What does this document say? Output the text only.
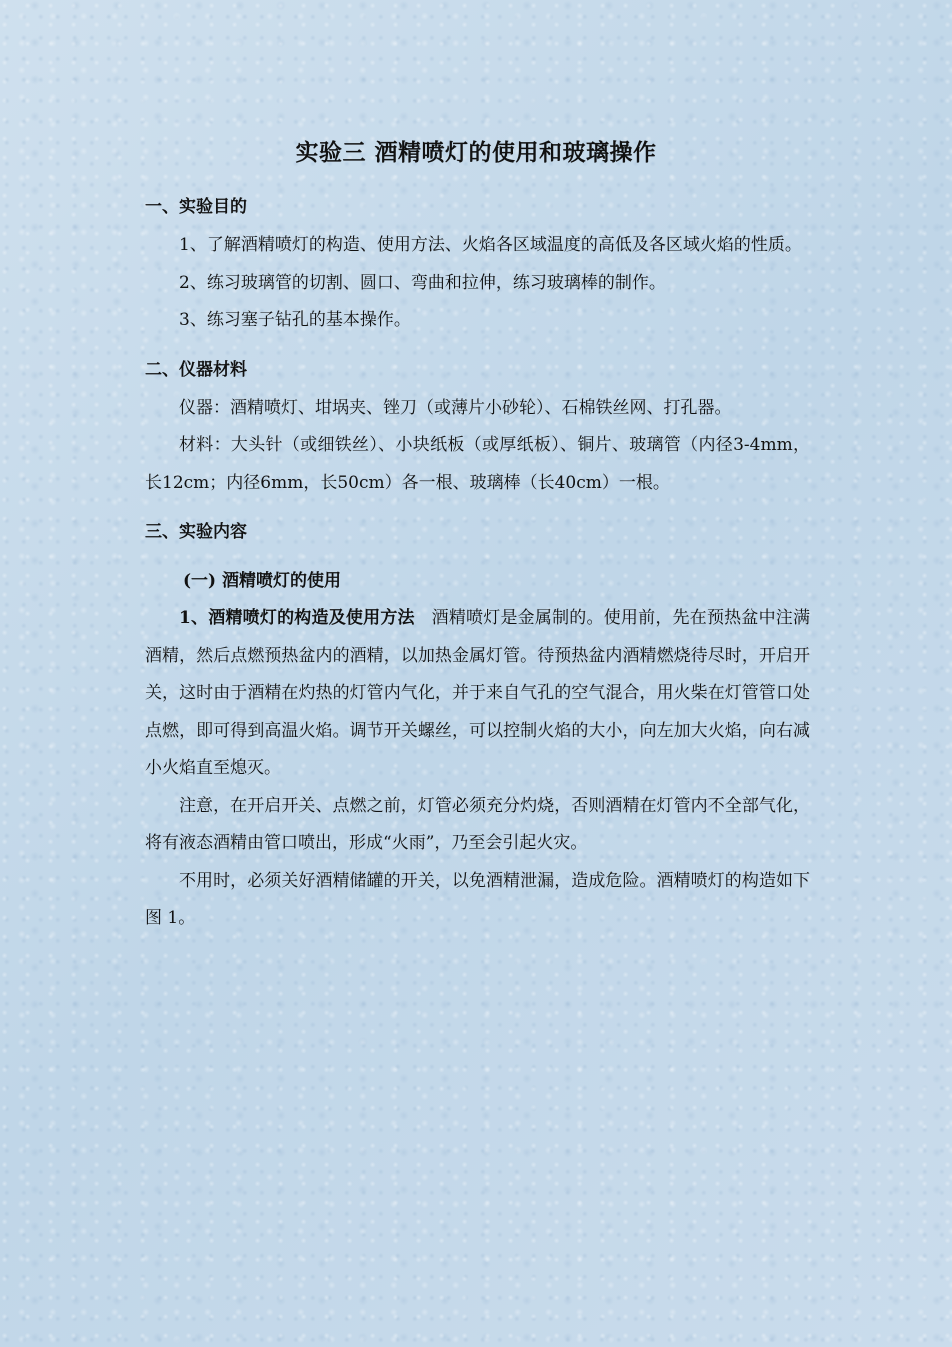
实验三 酒精喷灯的使用和玻璃操作

一、实验目的

1、了解酒精喷灯的构造、使用方法、火焰各区域温度的高低及各区域火焰的性质。

2、练习玻璃管的切割、圆口、弯曲和拉伸，练习玻璃棒的制作。

3、练习塞子钻孔的基本操作。

二、仪器材料

仪器：酒精喷灯、坩埚夹、锉刀（或薄片小砂轮）、石棉铁丝网、打孔器。

材料：大头针（或细铁丝）、小块纸板（或厚纸板）、铜片、玻璃管（内径3-4mm，长12cm；内径6mm，长50cm）各一根、玻璃棒（长40cm）一根。

三、实验内容

(一) 酒精喷灯的使用

1、酒精喷灯的构造及使用方法 酒精喷灯是金属制的。使用前，先在预热盆中注满酒精，然后点燃预热盆内的酒精，以加热金属灯管。待预热盆内酒精燃烧待尽时，开启开关，这时由于酒精在灼热的灯管内气化，并于来自气孔的空气混合，用火柴在灯管管口处点燃，即可得到高温火焰。调节开关螺丝，可以控制火焰的大小，向左加大火焰，向右减小火焰直至熄灭。

注意，在开启开关、点燃之前，灯管必须充分灼烧，否则酒精在灯管内不全部气化，将有液态酒精由管口喷出，形成“火雨”，乃至会引起火灾。

不用时，必须关好酒精储罐的开关，以免酒精泄漏，造成危险。酒精喷灯的构造如下图 1。
